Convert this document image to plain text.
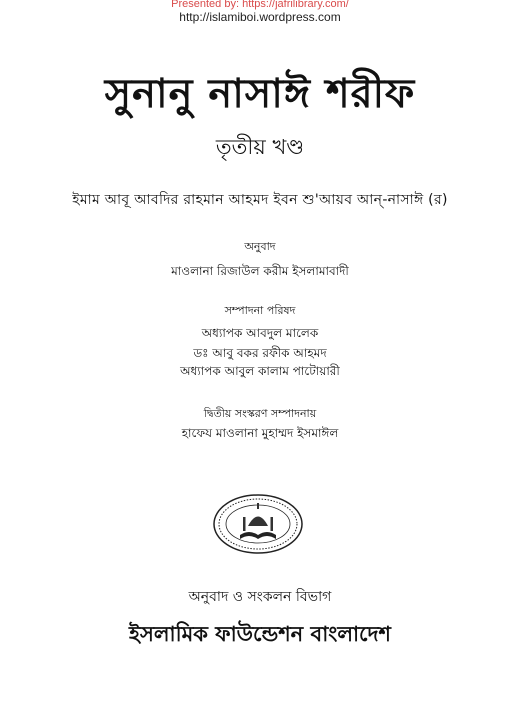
Presented by: https://jafrilibrary.com/
http://islamiboi.wordpress.com
সুনানু নাসাঈ শরীফ
তৃতীয় খণ্ড
ইমাম আবূ আবদির রাহমান আহমদ ইবন শু'আয়ব আন্-নাসাঈ (র)
অনুবাদ
মাওলানা রিজাউল করীম ইসলামাবাদী
সম্পাদনা পরিষদ
অধ্যাপক আবদুল মালেক
ডঃ আবু বকর রফীক আহমদ
অধ্যাপক আবুল কালাম পাটোয়ারী
দ্বিতীয় সংস্করণ সম্পাদনায়
হাফেয মাওলানা মুহাম্মদ ইসমাঈল
অনুবাদ ও সংকলন বিভাগ
ইসলামিক ফাউন্ডেশন বাংলাদেশ
